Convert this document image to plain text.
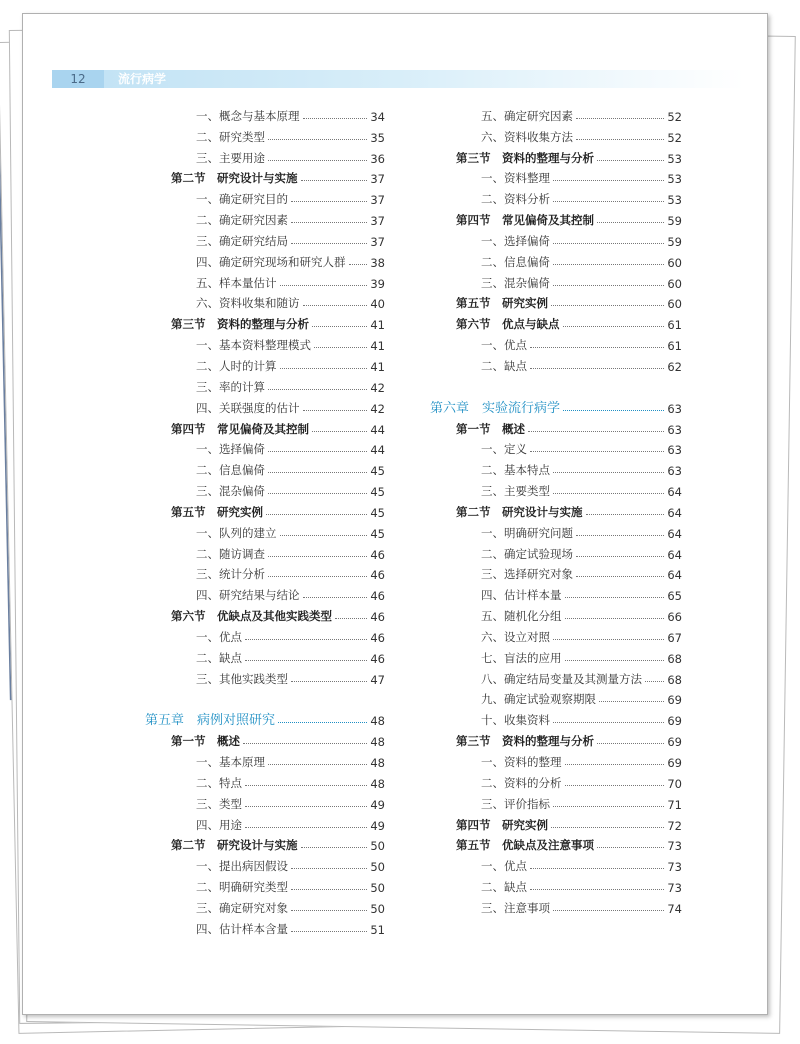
12	流行病学
一、概念与基本原理	34
二、研究类型	35
三、主要用途	36
第二节　研究设计与实施	37
一、确定研究目的	37
二、确定研究因素	37
三、确定研究结局	37
四、确定研究现场和研究人群 38
五、样本量估计	39
六、资料收集和随访	40
第三节　资料的整理与分析	41
一、基本资料整理模式	41
二、人时的计算	41
三、率的计算	42
四、关联强度的估计	42
第四节　常见偏倚及其控制	44
一、选择偏倚	44
二、信息偏倚	45
三、混杂偏倚	45
第五节　研究实例	45
一、队列的建立	45
二、随访调查	46
三、统计分析	46
四、研究结果与结论	46
第六节　优缺点及其他实践类型	46
一、优点	46
二、缺点	46
三、其他实践类型	47
第五章　病例对照研究	48
第一节　概述	48
一、基本原理	48
二、特点	48
三、类型	49
四、用途	49
第二节　研究设计与实施	50
一、提出病因假设	50
二、明确研究类型	50
三、确定研究对象	50
四、估计样本含量	51
五、确定研究因素	52
六、资料收集方法	52
第三节　资料的整理与分析	53
一、资料整理	53
二、资料分析	53
第四节　常见偏倚及其控制	59
一、选择偏倚	59
二、信息偏倚	60
三、混杂偏倚	60
第五节　研究实例	60
第六节　优点与缺点	61
一、优点	61
二、缺点	62
第六章　实验流行病学	63
第一节　概述	63
一、定义	63
二、基本特点	63
三、主要类型	64
第二节　研究设计与实施	64
一、明确研究问题	64
二、确定试验现场	64
三、选择研究对象	64
四、估计样本量	65
五、随机化分组	66
六、设立对照	67
七、盲法的应用	68
八、确定结局变量及其测量方法 68
九、确定试验观察期限	69
十、收集资料	69
第三节　资料的整理与分析	69
一、资料的整理	69
二、资料的分析	70
三、评价指标	71
第四节　研究实例	72
第五节　优缺点及注意事项	73
一、优点	73
二、缺点	73
三、注意事项	74
